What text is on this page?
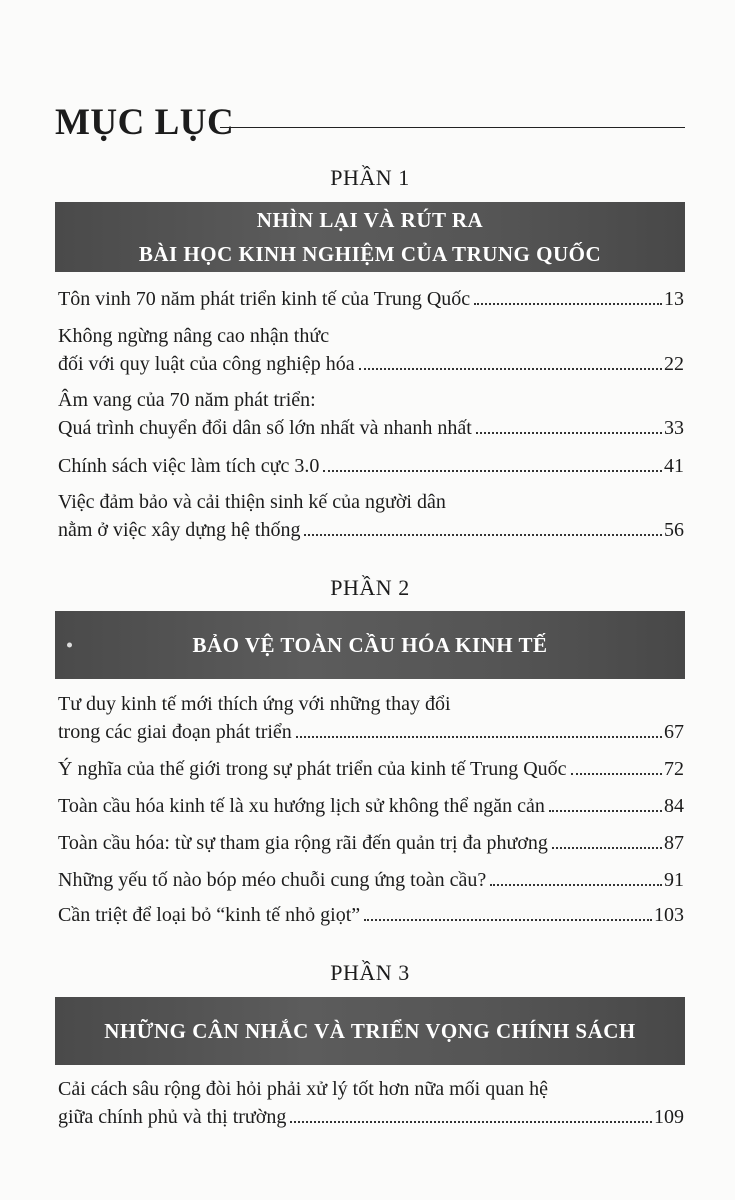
MỤC LỤC
PHẦN 1
NHÌN LẠI VÀ RÚT RA
BÀI HỌC KINH NGHIỆM CỦA TRUNG QUỐC
Tôn vinh 70 năm phát triển kinh tế của Trung Quốc	13
Không ngừng nâng cao nhận thức
đối với quy luật của công nghiệp hóa	22
Âm vang của 70 năm phát triển:
Quá trình chuyển đổi dân số lớn nhất và nhanh nhất	33
Chính sách việc làm tích cực 3.0	41
Việc đảm bảo và cải thiện sinh kế của người dân
nằm ở việc xây dựng hệ thống	56
PHẦN 2
BẢO VỆ TOÀN CẦU HÓA KINH TẾ
Tư duy kinh tế mới thích ứng với những thay đổi
trong các giai đoạn phát triển	67
Ý nghĩa của thế giới trong sự phát triển của kinh tế Trung Quốc	72
Toàn cầu hóa kinh tế là xu hướng lịch sử không thể ngăn cản	84
Toàn cầu hóa: từ sự tham gia rộng rãi đến quản trị đa phương	87
Những yếu tố nào bóp méo chuỗi cung ứng toàn cầu?	91
Cần triệt để loại bỏ “kinh tế nhỏ giọt”	103
PHẦN 3
NHỮNG CÂN NHẮC VÀ TRIỂN VỌNG CHÍNH SÁCH
Cải cách sâu rộng đòi hỏi phải xử lý tốt hơn nữa mối quan hệ
giữa chính phủ và thị trường	109
